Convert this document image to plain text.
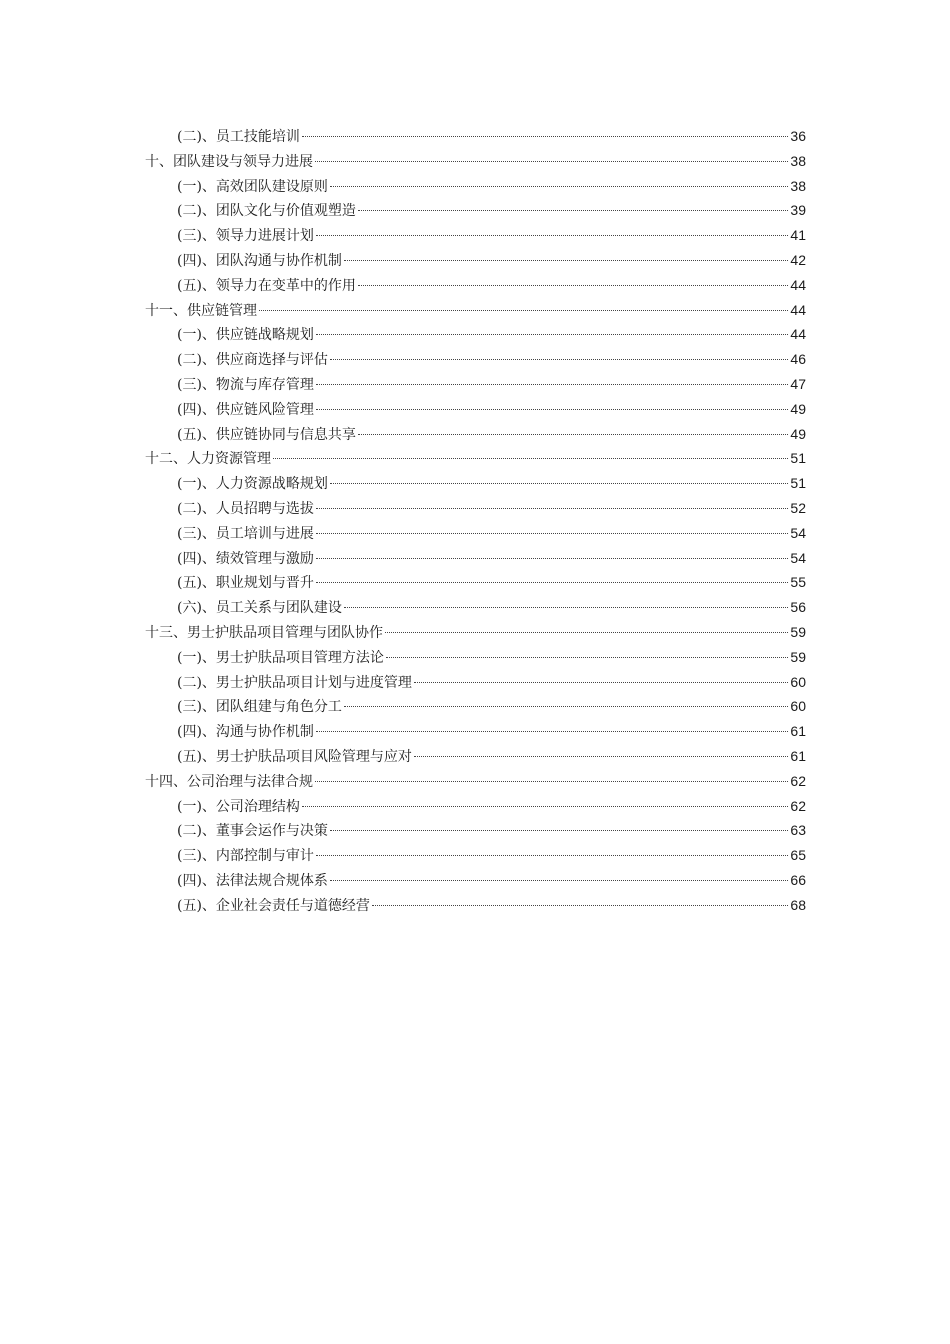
(二)、员工技能培训	36
十、团队建设与领导力进展	38
(一)、高效团队建设原则	38
(二)、团队文化与价值观塑造	39
(三)、领导力进展计划	41
(四)、团队沟通与协作机制	42
(五)、领导力在变革中的作用	44
十一、供应链管理	44
(一)、供应链战略规划	44
(二)、供应商选择与评估	46
(三)、物流与库存管理	47
(四)、供应链风险管理	49
(五)、供应链协同与信息共享	49
十二、人力资源管理	51
(一)、人力资源战略规划	51
(二)、人员招聘与选拔	52
(三)、员工培训与进展	54
(四)、绩效管理与激励	54
(五)、职业规划与晋升	55
(六)、员工关系与团队建设	56
十三、男士护肤品项目管理与团队协作	59
(一)、男士护肤品项目管理方法论	59
(二)、男士护肤品项目计划与进度管理	60
(三)、团队组建与角色分工	60
(四)、沟通与协作机制	61
(五)、男士护肤品项目风险管理与应对	61
十四、公司治理与法律合规	62
(一)、公司治理结构	62
(二)、董事会运作与决策	63
(三)、内部控制与审计	65
(四)、法律法规合规体系	66
(五)、企业社会责任与道德经营	68
